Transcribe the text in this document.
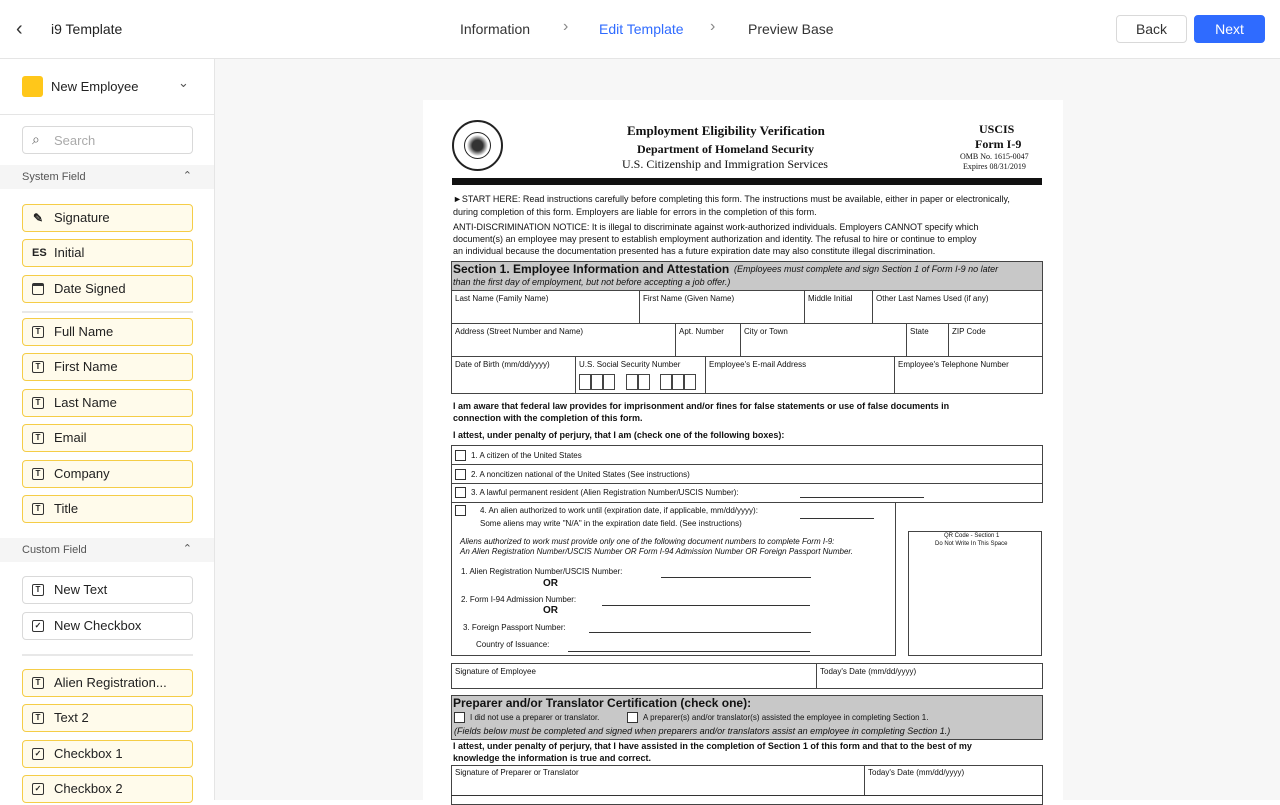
‹	i9 Template	Information › Edit Template › Preview Base	Back	Next
New Employee	⌄
⌕ Search
System Field	⌃
✎ Signature
ES Initial
Date Signed
T Full Name
T First Name
T Last Name
T Email
T Company
T Title
T New Text
✓ New Checkbox
T Alien Registration...
T Text 2
✓ Checkbox 1
✓ Checkbox 2
Custom Field	⌃
Employment Eligibility Verification
Department of Homeland Security
U.S. Citizenship and Immigration Services
USCIS
Form I-9
OMB No. 1615-0047
Expires 08/31/2019
►START HERE: Read instructions carefully before completing this form. The instructions must be available, either in paper or electronically,
during completion of this form. Employers are liable for errors in the completion of this form.
ANTI-DISCRIMINATION NOTICE: It is illegal to discriminate against work-authorized individuals. Employers CANNOT specify which
document(s) an employee may present to establish employment authorization and identity. The refusal to hire or continue to employ
an individual because the documentation presented has a future expiration date may also constitute illegal discrimination.
Section 1. Employee Information and Attestation (Employees must complete and sign Section 1 of Form I-9 no later
than the first day of employment, but not before accepting a job offer.)
Last Name (Family Name)	First Name (Given Name)	Middle Initial	Other Last Names Used (if any)
Address (Street Number and Name)	Apt. Number	City or Town	State	ZIP Code
Date of Birth (mm/dd/yyyy)	U.S. Social Security Number	Employee's E-mail Address	Employee's Telephone Number
I am aware that federal law provides for imprisonment and/or fines for false statements or use of false documents in
connection with the completion of this form.
I attest, under penalty of perjury, that I am (check one of the following boxes):
1. A citizen of the United States
2. A noncitizen national of the United States (See instructions)
3. A lawful permanent resident (Alien Registration Number/USCIS Number):
4. An alien authorized to work until (expiration date, if applicable, mm/dd/yyyy):
Some aliens may write "N/A" in the expiration date field. (See instructions)
Aliens authorized to work must provide only one of the following document numbers to complete Form I-9:
An Alien Registration Number/USCIS Number OR Form I-94 Admission Number OR Foreign Passport Number.
1. Alien Registration Number/USCIS Number:
OR
2. Form I-94 Admission Number:
OR
3. Foreign Passport Number:
Country of Issuance:
QR Code - Section 1
Do Not Write In This Space
Signature of Employee	Today's Date (mm/dd/yyyy)
Preparer and/or Translator Certification (check one):
I did not use a preparer or translator.	A preparer(s) and/or translator(s) assisted the employee in completing Section 1.
(Fields below must be completed and signed when preparers and/or translators assist an employee in completing Section 1.)
I attest, under penalty of perjury, that I have assisted in the completion of Section 1 of this form and that to the best of my
knowledge the information is true and correct.
Signature of Preparer or Translator	Today's Date (mm/dd/yyyy)
